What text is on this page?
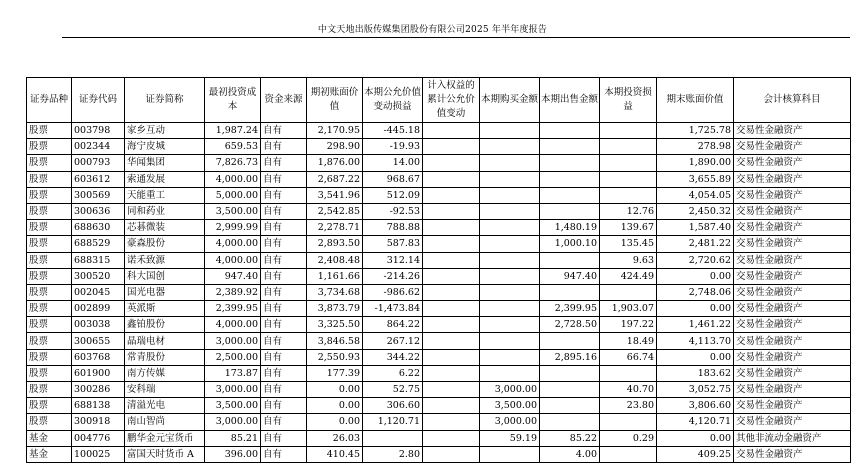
中文天地出版传媒集团股份有限公司2025 年半年度报告
证券品种	证券代码	证券简称	最初投资成本	资金来源	期初账面价值	本期公允价值变动损益	计入权益的累计公允价值变动	本期购买金额	本期出售金额	本期投资损益	期末账面价值	会计核算科目
股票	003798	家乡互动	1,987.24	自有	2,170.95	-445.18					1,725.78	交易性金融资产
股票	002344	海宁皮城	659.53	自有	298.90	-19.93					278.98	交易性金融资产
股票	000793	华闻集团	7,826.73	自有	1,876.00	14.00					1,890.00	交易性金融资产
股票	603612	索通发展	4,000.00	自有	2,687.22	968.67					3,655.89	交易性金融资产
股票	300569	天能重工	5,000.00	自有	3,541.96	512.09					4,054.05	交易性金融资产
股票	300636	同和药业	3,500.00	自有	2,542.85	-92.53				12.76	2,450.32	交易性金融资产
股票	688630	芯碁微装	2,999.99	自有	2,278.71	788.88			1,480.19	139.67	1,587.40	交易性金融资产
股票	688529	豪森股份	4,000.00	自有	2,893.50	587.83			1,000.10	135.45	2,481.22	交易性金融资产
股票	688315	诺禾致源	4,000.00	自有	2,408.48	312.14				9.63	2,720.62	交易性金融资产
股票	300520	科大国创	947.40	自有	1,161.66	-214.26			947.40	424.49	0.00	交易性金融资产
股票	002045	国光电器	2,389.92	自有	3,734.68	-986.62					2,748.06	交易性金融资产
股票	002899	英派斯	2,399.95	自有	3,873.79	-1,473.84			2,399.95	1,903.07	0.00	交易性金融资产
股票	003038	鑫铂股份	4,000.00	自有	3,325.50	864.22			2,728.50	197.22	1,461.22	交易性金融资产
股票	300655	晶瑞电材	3,000.00	自有	3,846.58	267.12				18.49	4,113.70	交易性金融资产
股票	603768	常青股份	2,500.00	自有	2,550.93	344.22			2,895.16	66.74	0.00	交易性金融资产
股票	601900	南方传媒	173.87	自有	177.39	6.22					183.62	交易性金融资产
股票	300286	安科瑞	3,000.00	自有	0.00	52.75		3,000.00		40.70	3,052.75	交易性金融资产
股票	688138	清溢光电	3,500.00	自有	0.00	306.60		3,500.00		23.80	3,806.60	交易性金融资产
股票	300918	南山智尚	3,000.00	自有	0.00	1,120.71		3,000.00			4,120.71	交易性金融资产
基金	004776	鹏华金元宝货币	85.21	自有	26.03			59.19	85.22	0.29	0.00	其他非流动金融资产
基金	100025	富国天时货币 A	396.00	自有	410.45	2.80			4.00		409.25	交易性金融资产
